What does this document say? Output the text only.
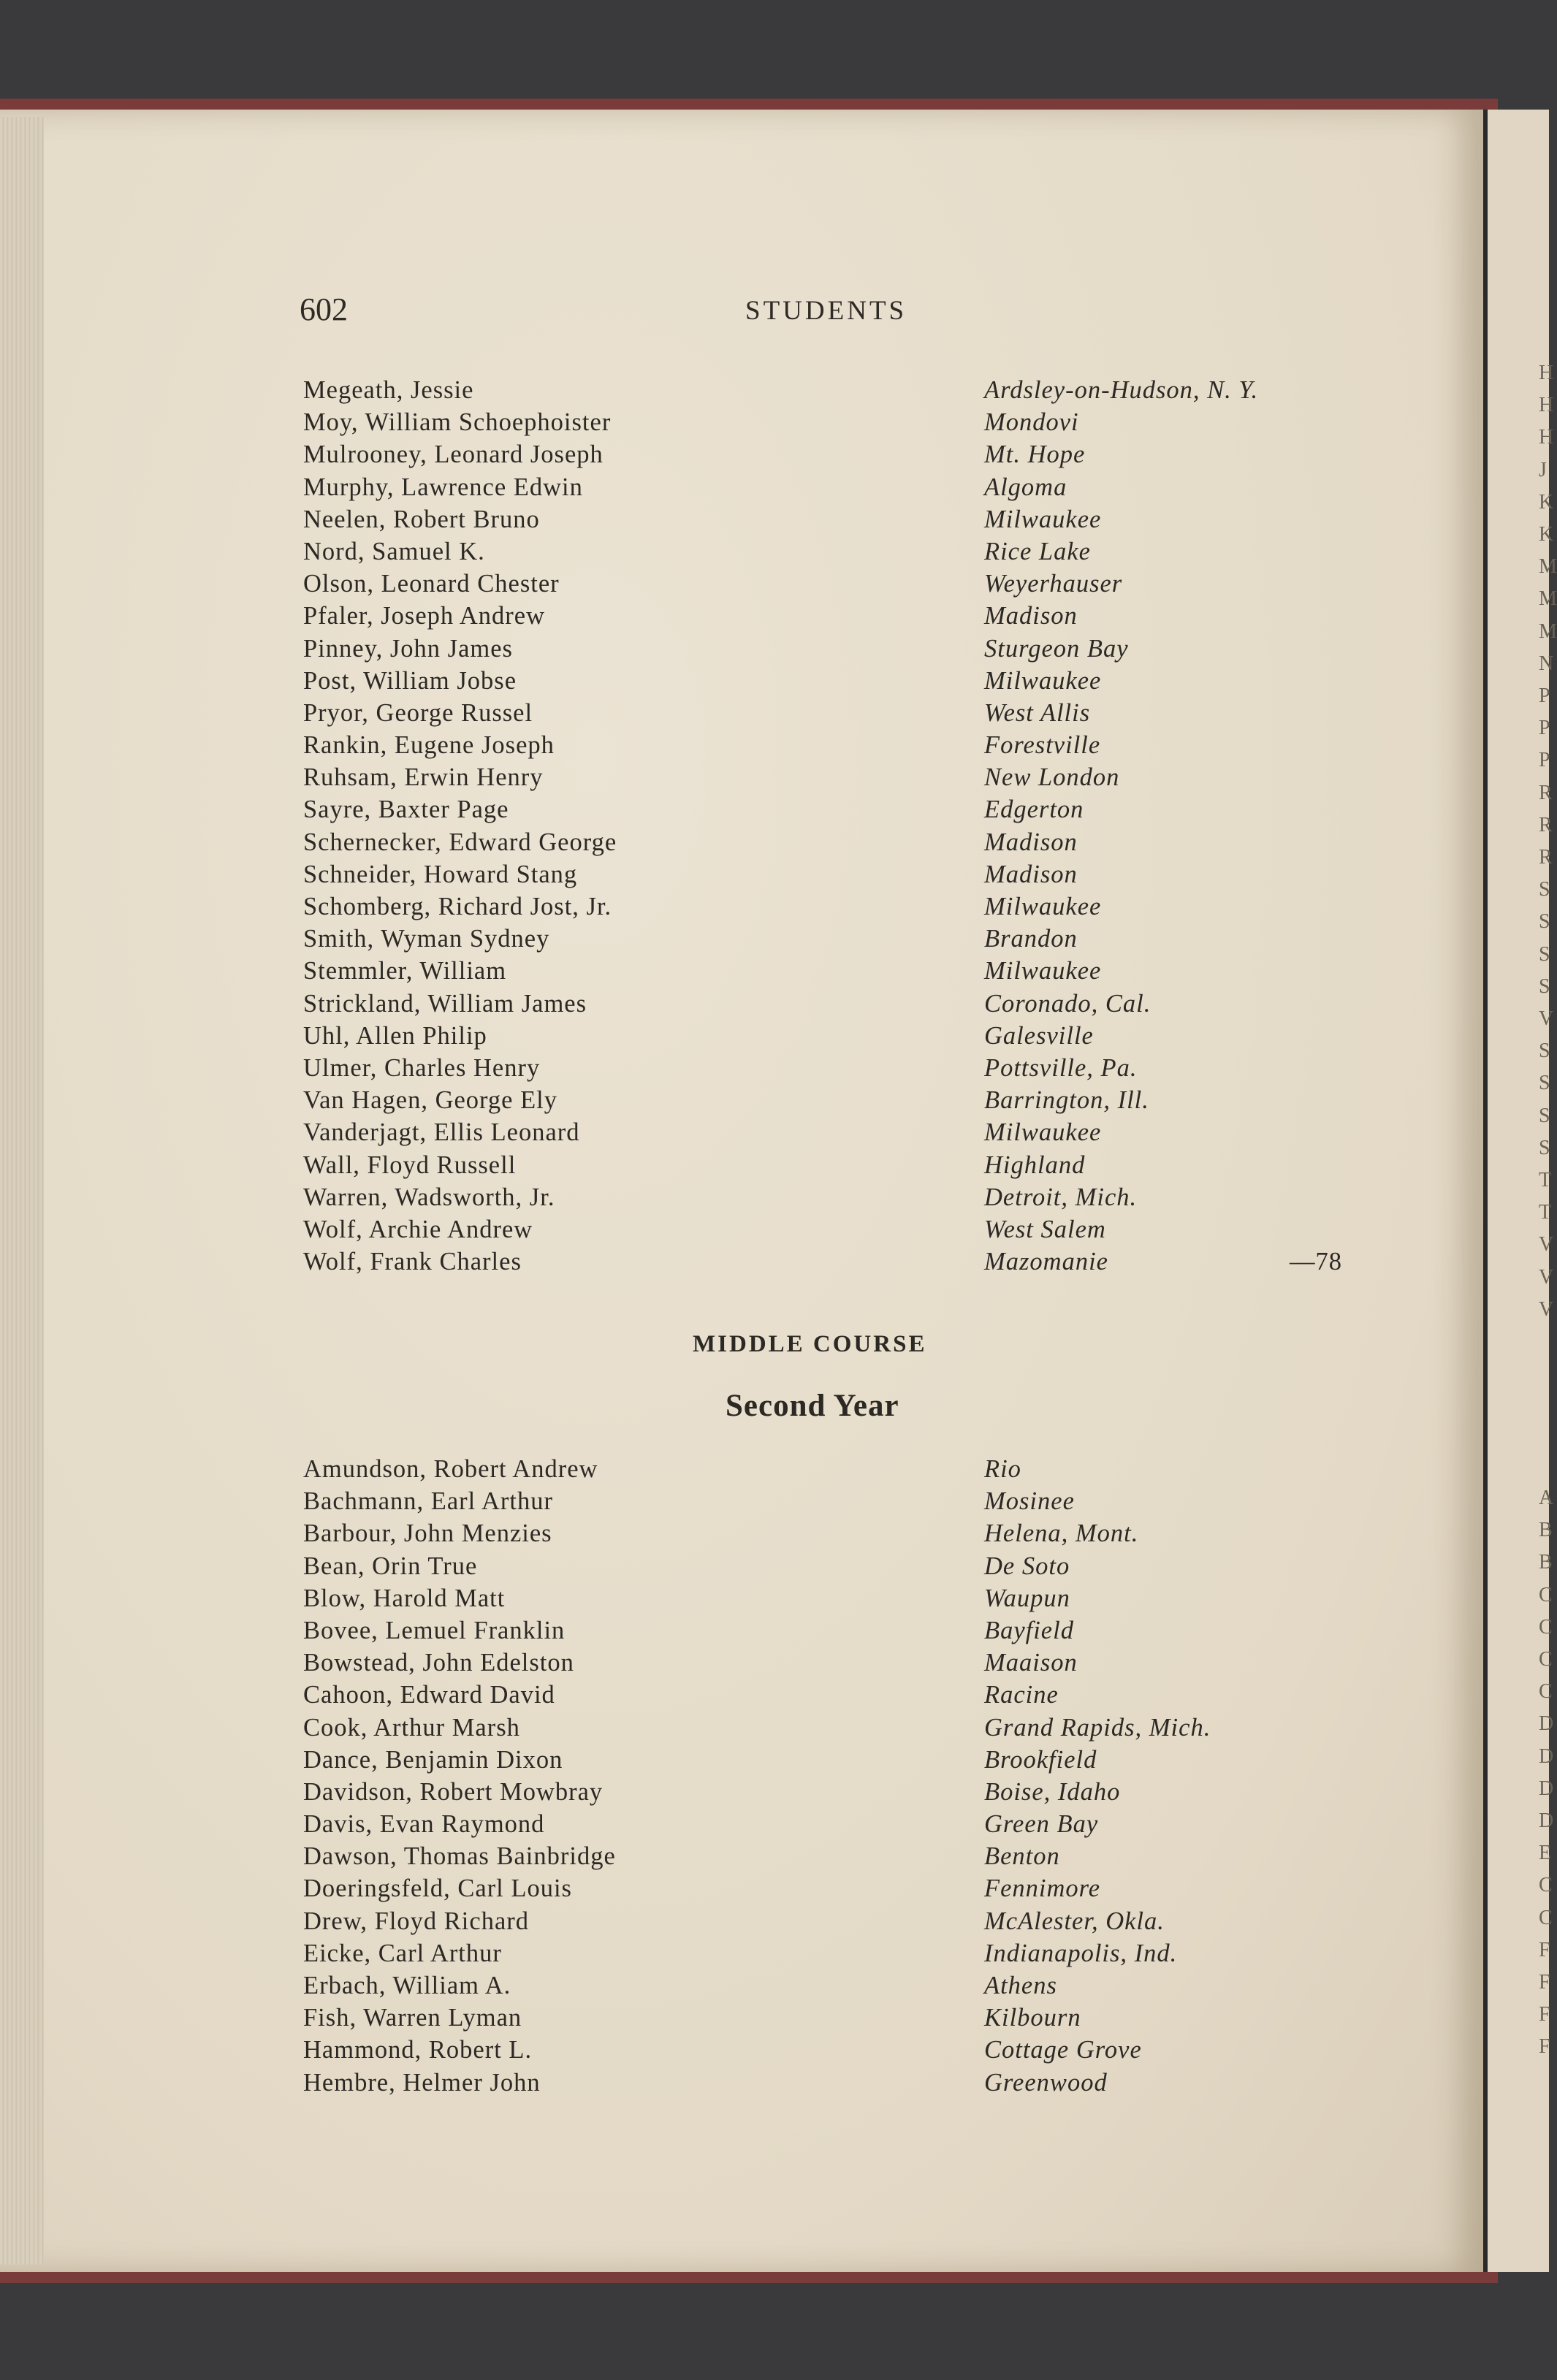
H
H
H
J
K
K
M
M
M
N
P
P
P
R
R
R
S
S
S
S
V
S
S
S
S
T
T
V
V
V
A
B
B
C
C
C
C
D
D
D
D
E
C
C
F
F
F
F
602	STUDENTS
Megeath, Jessie	Ardsley-on-Hudson, N. Y.
Moy, William Schoephoister	Mondovi
Mulrooney, Leonard Joseph	Mt. Hope
Murphy, Lawrence Edwin	Algoma
Neelen, Robert Bruno	Milwaukee
Nord, Samuel K.	Rice Lake
Olson, Leonard Chester	Weyerhauser
Pfaler, Joseph Andrew	Madison
Pinney, John James	Sturgeon Bay
Post, William Jobse	Milwaukee
Pryor, George Russel	West Allis
Rankin, Eugene Joseph	Forestville
Ruhsam, Erwin Henry	New London
Sayre, Baxter Page	Edgerton
Schernecker, Edward George	Madison
Schneider, Howard Stang	Madison
Schomberg, Richard Jost, Jr.	Milwaukee
Smith, Wyman Sydney	Brandon
Stemmler, William	Milwaukee
Strickland, William James	Coronado, Cal.
Uhl, Allen Philip	Galesville
Ulmer, Charles Henry	Pottsville, Pa.
Van Hagen, George Ely	Barrington, Ill.
Vanderjagt, Ellis Leonard	Milwaukee
Wall, Floyd Russell	Highland
Warren, Wadsworth, Jr.	Detroit, Mich.
Wolf, Archie Andrew	West Salem
Wolf, Frank Charles	Mazomanie	—78
MIDDLE COURSE
Second Year
Amundson, Robert Andrew	Rio
Bachmann, Earl Arthur	Mosinee
Barbour, John Menzies	Helena, Mont.
Bean, Orin True	De Soto
Blow, Harold Matt	Waupun
Bovee, Lemuel Franklin	Bayfield
Bowstead, John Edelston	Maaison
Cahoon, Edward David	Racine
Cook, Arthur Marsh	Grand Rapids, Mich.
Dance, Benjamin Dixon	Brookfield
Davidson, Robert Mowbray	Boise, Idaho
Davis, Evan Raymond	Green Bay
Dawson, Thomas Bainbridge	Benton
Doeringsfeld, Carl Louis	Fennimore
Drew, Floyd Richard	McAlester, Okla.
Eicke, Carl Arthur	Indianapolis, Ind.
Erbach, William A.	Athens
Fish, Warren Lyman	Kilbourn
Hammond, Robert L.	Cottage Grove
Hembre, Helmer John	Greenwood
